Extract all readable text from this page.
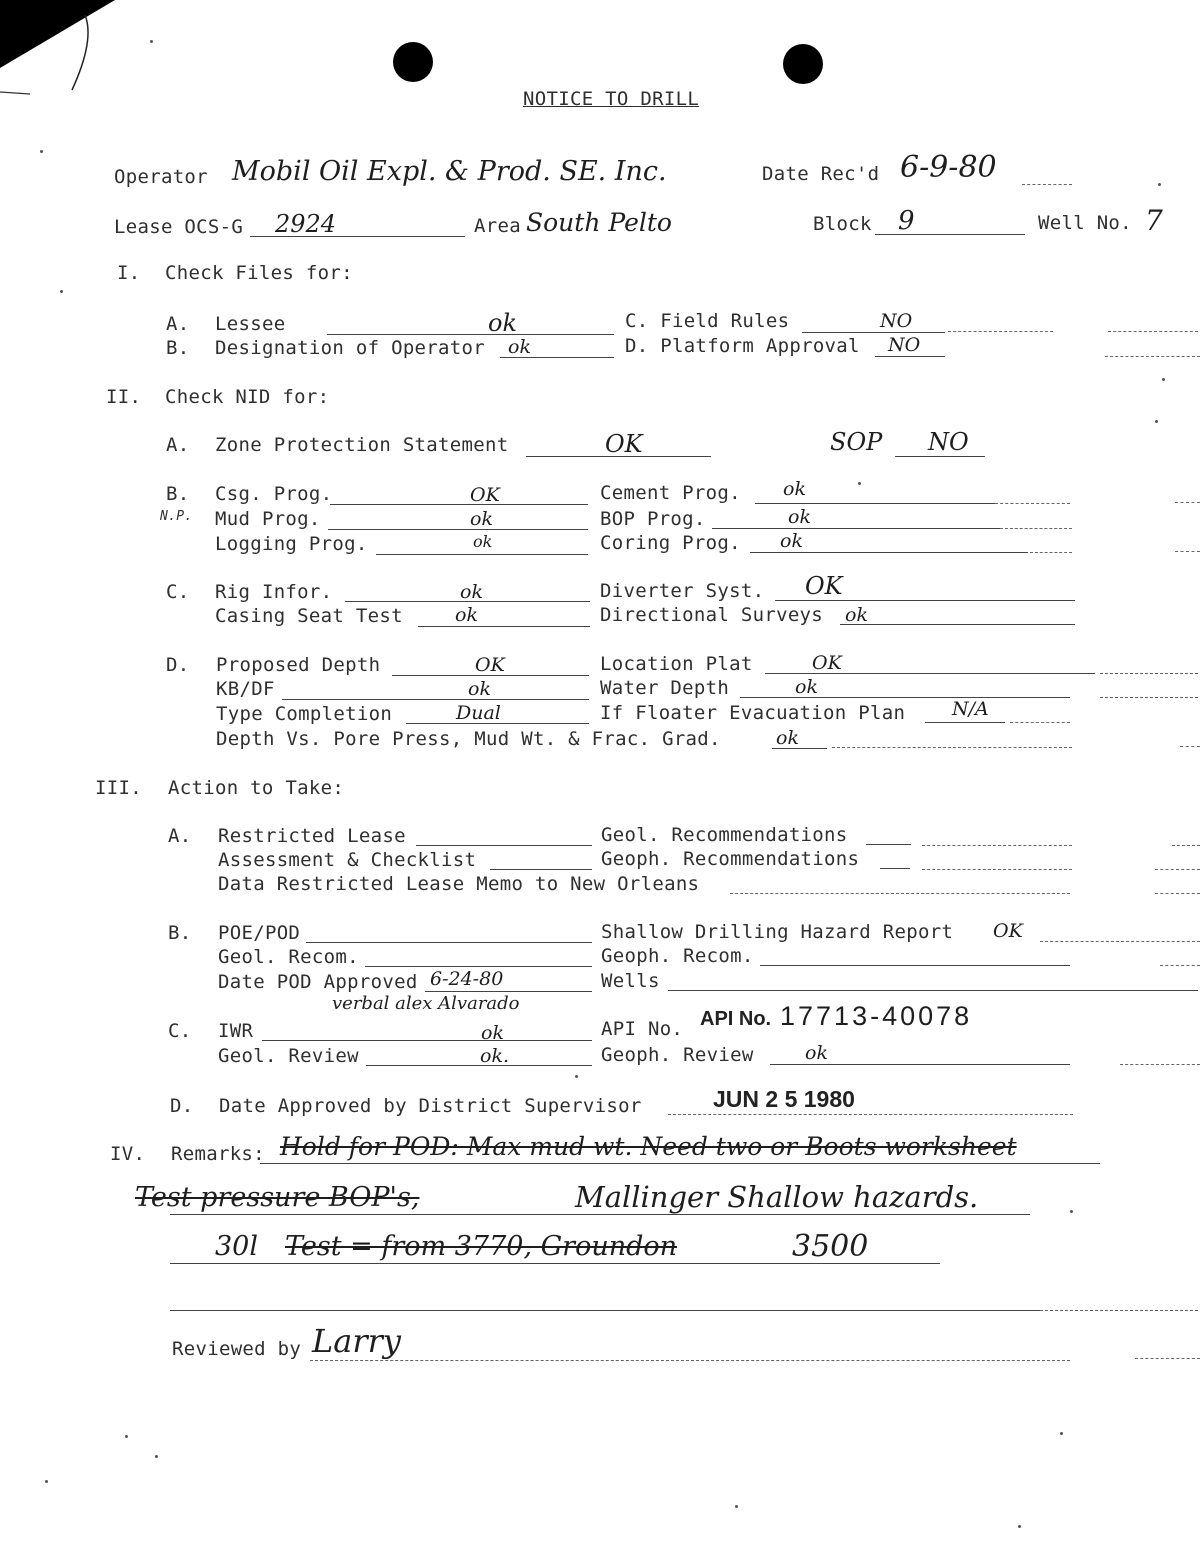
NOTICE TO DRILL
Operator Mobil Oil Expl. & Prod. SE. Inc.	Date Rec'd 6-9-80
Lease OCS-G 2924	Area South Pelto	Block 9	Well No. 7
I. Check Files for:
A. Lessee	ok	C. Field Rules	NO
B. Designation of Operator ok	D. Platform Approval NO
II. Check NID for:
A. Zone Protection Statement	OK	SOP NO
B. Csg. Prog.	OK	Cement Prog. ok
N.P. Mud Prog.	ok	BOP Prog.	ok
Logging Prog.	ok	Coring Prog. ok
C. Rig Infor.	ok	Diverter Syst. OK
Casing Seat Test	ok	Directional Surveys ok
D. Proposed Depth	OK	Location Plat	OK
KB/DF	ok	Water Depth	ok
Type Completion	Dual	If Floater Evacuation Plan N/A
Depth Vs. Pore Press, Mud Wt. & Frac. Grad.	ok
III. Action to Take:
A. Restricted Lease	Geol. Recommendations
Assessment & Checklist	Geoph. Recommendations
Data Restricted Lease Memo to New Orleans
B. POE/POD	Shallow Drilling Hazard Report OK
Geol. Recom.	Geoph. Recom.
Date POD Approved 6-24-80	Wells
verbal alex Alvarado
C. IWR	ok	API No. API No. 17713-40078
Geol. Review	ok.	Geoph. Review	ok
D. Date Approved by District Supervisor	JUN 2 5 1980
IV. Remarks: Hold for POD: Max mud wt. Need two or Boots worksheet
Test pressure BOP's,	Mallinger Shallow hazards.
30l Test = from 3770, Groundon	3500
Reviewed by Larry
